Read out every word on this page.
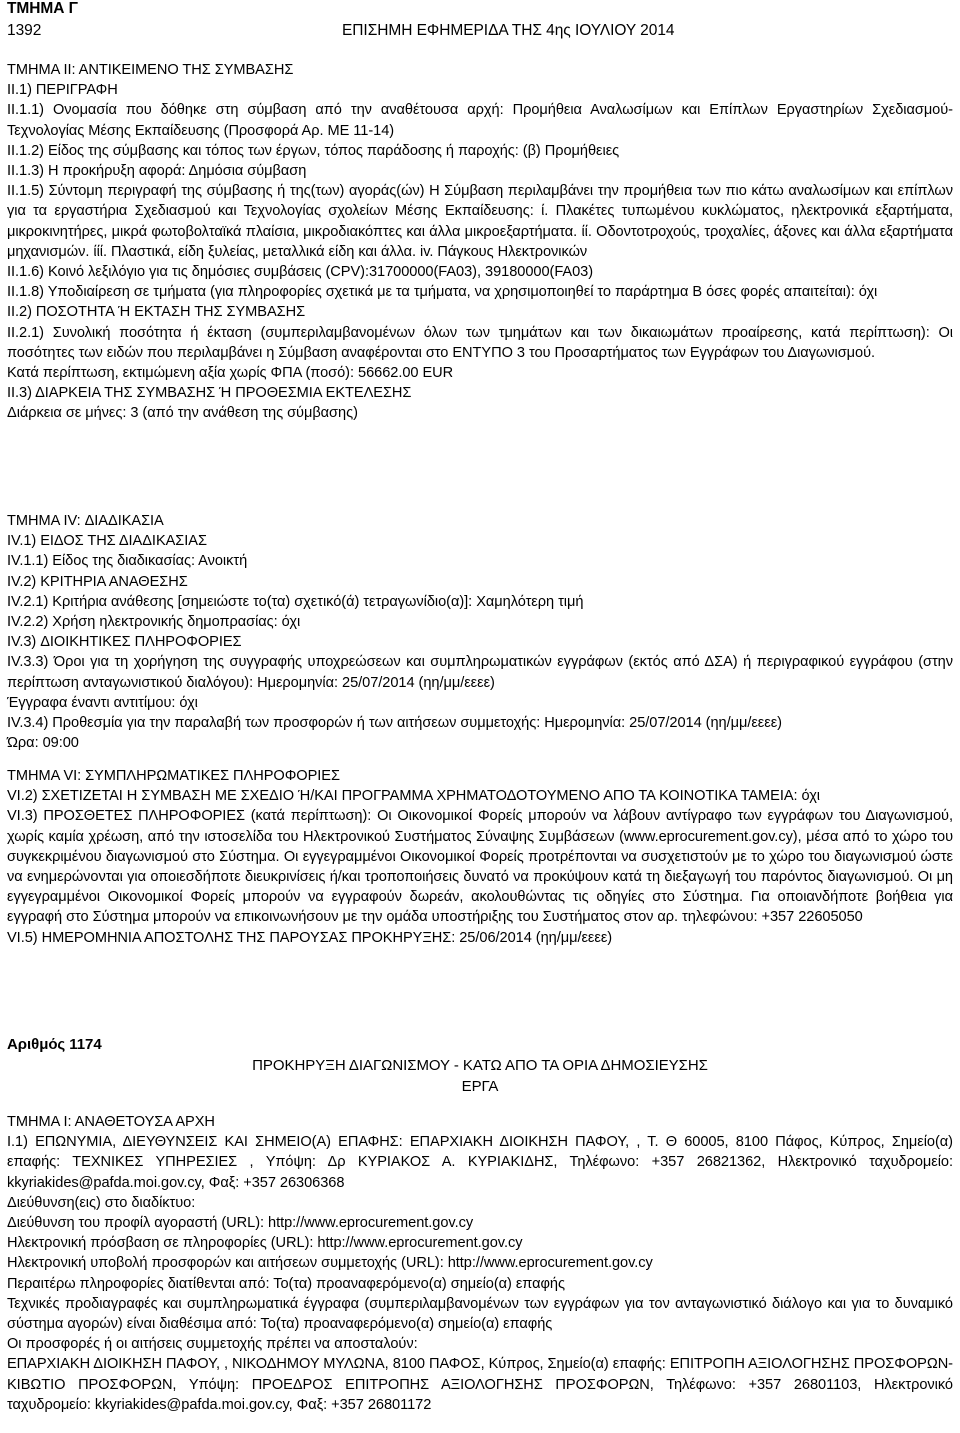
ΤΜΗΜΑ Γ
1392	ΕΠΙΣΗΜΗ ΕΦΗΜΕΡΙΔΑ ΤΗΣ 4ης ΙΟΥΛΙΟΥ 2014

ΤΜΗΜΑ ΙΙ: ΑΝΤΙΚΕΙΜΕΝΟ ΤΗΣ ΣΥΜΒΑΣΗΣ

ΙΙ.1) ΠΕΡΙΓΡΑΦΗ

ΙΙ.1.1) Ονομασία που δόθηκε στη σύμβαση από την αναθέτουσα αρχή: Προμήθεια Αναλωσίμων και Επίπλων Εργαστηρίων Σχεδιασμού-Τεχνολογίας Μέσης Εκπαίδευσης (Προσφορά Αρ. ΜΕ 11-14)

ΙΙ.1.2) Είδος της σύμβασης και τόπος των έργων, τόπος παράδοσης ή παροχής: (β) Προμήθειες

ΙΙ.1.3) Η προκήρυξη αφορά: Δημόσια σύμβαση

ΙΙ.1.5) Σύντομη περιγραφή της σύμβασης ή της(των) αγοράς(ών) Η Σύμβαση περιλαμβάνει την προμήθεια των πιο κάτω αναλωσίμων και επίπλων για τα εργαστήρια Σχεδιασμού και Τεχνολογίας σχολείων Μέσης Εκπαίδευσης: ί. Πλακέτες τυπωμένου κυκλώματος, ηλεκτρονικά εξαρτήματα, μικροκινητήρες, μικρά φωτοβολταϊκά πλαίσια, μικροδιακόπτες και άλλα μικροεξαρτήματα. ίί. Οδοντοτροχούς, τροχαλίες, άξονες και άλλα εξαρτήματα μηχανισμών. ίίί. Πλαστικά, είδη ξυλείας, μεταλλικά είδη και άλλα. iv. Πάγκους Ηλεκτρονικών

ΙΙ.1.6) Κοινό λεξιλόγιο για τις δημόσιες συμβάσεις (CPV):31700000(FA03), 39180000(FA03)

ΙΙ.1.8) Υποδιαίρεση σε τμήματα (για πληροφορίες σχετικά με τα τμήματα, να χρησιμοποιηθεί το παράρτημα Β όσες φορές απαιτείται): όχι

ΙΙ.2) ΠΟΣΟΤΗΤΑ Ή ΕΚΤΑΣΗ ΤΗΣ ΣΥΜΒΑΣΗΣ

ΙΙ.2.1) Συνολική ποσότητα ή έκταση (συμπεριλαμβανομένων όλων των τμημάτων και των δικαιωμάτων προαίρεσης, κατά περίπτωση): Οι ποσότητες των ειδών που περιλαμβάνει η Σύμβαση αναφέρονται στο ΕΝΤΥΠΟ 3 του Προσαρτήματος των Εγγράφων του Διαγωνισμού.

Κατά περίπτωση, εκτιμώμενη αξία χωρίς ΦΠΑ (ποσό): 56662.00 EUR

ΙΙ.3) ΔΙΑΡΚΕΙΑ ΤΗΣ ΣΥΜΒΑΣΗΣ Ή ΠΡΟΘΕΣΜΙΑ ΕΚΤΕΛΕΣΗΣ

Διάρκεια σε μήνες: 3 (από την ανάθεση της σύμβασης)

ΤΜΗΜΑ IV: ΔΙΑΔΙΚΑΣΙΑ

IV.1) ΕΙΔΟΣ ΤΗΣ ΔΙΑΔΙΚΑΣΙΑΣ

IV.1.1) Είδος της διαδικασίας: Ανοικτή

IV.2) ΚΡΙΤΗΡΙΑ ΑΝΑΘΕΣΗΣ

IV.2.1) Κριτήρια ανάθεσης [σημειώστε το(τα) σχετικό(ά) τετραγωνίδιο(α)]: Χαμηλότερη τιμή

IV.2.2) Χρήση ηλεκτρονικής δημοπρασίας: όχι

IV.3) ΔΙΟΙΚΗΤΙΚΕΣ ΠΛΗΡΟΦΟΡΙΕΣ

IV.3.3) Όροι για τη χορήγηση της συγγραφής υποχρεώσεων και συμπληρωματικών εγγράφων (εκτός από ΔΣΑ) ή περιγραφικού εγγράφου (στην περίπτωση ανταγωνιστικού διαλόγου): Ημερομηνία: 25/07/2014 (ηη/μμ/εεεε)

Έγγραφα έναντι αντιτίμου: όχι

IV.3.4) Προθεσμία για την παραλαβή των προσφορών ή των αιτήσεων συμμετοχής: Ημερομηνία: 25/07/2014 (ηη/μμ/εεεε)

Ώρα: 09:00

ΤΜΗΜΑ VI: ΣΥΜΠΛΗΡΩΜΑΤΙΚΕΣ ΠΛΗΡΟΦΟΡΙΕΣ

VI.2) ΣΧΕΤΙΖΕΤΑΙ Η ΣΥΜΒΑΣΗ ΜΕ ΣΧΕΔΙΟ Ή/ΚΑΙ ΠΡΟΓΡΑΜΜΑ ΧΡΗΜΑΤΟΔΟΤΟΥΜΕΝΟ ΑΠΟ ΤΑ ΚΟΙΝΟΤΙΚΑ ΤΑΜΕΙΑ: όχι

VI.3) ΠΡΟΣΘΕΤΕΣ ΠΛΗΡΟΦΟΡΙΕΣ (κατά περίπτωση): Οι Οικονομικοί Φορείς μπορούν να λάβουν αντίγραφο των εγγράφων του Διαγωνισμού, χωρίς καμία χρέωση, από την ιστοσελίδα του Ηλεκτρονικού Συστήματος Σύναψης Συμβάσεων (www.eprocurement.gov.cy), μέσα από το χώρο του συγκεκριμένου διαγωνισμού στο Σύστημα. Οι εγγεγραμμένοι Οικονομικοί Φορείς προτρέπονται να συσχετιστούν με το χώρο του διαγωνισμού ώστε να ενημερώνονται για οποιεσδήποτε διευκρινίσεις ή/και τροποποιήσεις δυνατό να προκύψουν κατά τη διεξαγωγή του παρόντος διαγωνισμού. Οι μη εγγεγραμμένοι Οικονομικοί Φορείς μπορούν να εγγραφούν δωρεάν, ακολουθώντας τις οδηγίες στο Σύστημα. Για οποιανδήποτε βοήθεια για εγγραφή στο Σύστημα μπορούν να επικοινωνήσουν με την ομάδα υποστήριξης του Συστήματος στον αρ. τηλεφώνου: +357 22605050

VI.5) ΗΜΕΡΟΜΗΝΙΑ ΑΠΟΣΤΟΛΗΣ ΤΗΣ ΠΑΡΟΥΣΑΣ ΠΡΟΚΗΡΥΞΗΣ: 25/06/2014 (ηη/μμ/εεεε)

Αριθμός 1174
ΠΡΟΚΗΡΥΞΗ ΔΙΑΓΩΝΙΣΜΟΥ - ΚΑΤΩ ΑΠΟ ΤΑ ΟΡΙΑ ΔΗΜΟΣΙΕΥΣΗΣ
ΕΡΓΑ

ΤΜΗΜΑ Ι: ΑΝΑΘΕΤΟΥΣΑ ΑΡΧΗ

Ι.1) ΕΠΩΝΥΜΙΑ, ΔΙΕΥΘΥΝΣΕΙΣ ΚΑΙ ΣΗΜΕΙΟ(Α) ΕΠΑΦΗΣ: ΕΠΑΡΧΙΑΚΗ ΔΙΟΙΚΗΣΗ ΠΑΦΟΥ, , Τ. Θ 60005, 8100 Πάφος, Κύπρος, Σημείο(α) επαφής: ΤΕΧΝΙΚΕΣ ΥΠΗΡΕΣΙΕΣ , Υπόψη: Δρ ΚΥΡΙΑΚΟΣ Α. ΚΥΡΙΑΚΙΔΗΣ, Τηλέφωνο: +357 26821362, Ηλεκτρονικό ταχυδρομείο: kkyriakides@pafda.moi.gov.cy, Φαξ: +357 26306368

Διεύθυνση(εις) στο διαδίκτυο:

Διεύθυνση του προφίλ αγοραστή (URL): http://www.eprocurement.gov.cy

Ηλεκτρονική πρόσβαση σε πληροφορίες (URL): http://www.eprocurement.gov.cy

Ηλεκτρονική υποβολή προσφορών και αιτήσεων συμμετοχής (URL): http://www.eprocurement.gov.cy

Περαιτέρω πληροφορίες διατίθενται από: Το(τα) προαναφερόμενο(α) σημείο(α) επαφής

Τεχνικές προδιαγραφές και συμπληρωματικά έγγραφα (συμπεριλαμβανομένων των εγγράφων για τον ανταγωνιστικό διάλογο και για το δυναμικό σύστημα αγορών) είναι διαθέσιμα από: Το(τα) προαναφερόμενο(α) σημείο(α) επαφής

Οι προσφορές ή οι αιτήσεις συμμετοχής πρέπει να αποσταλούν:

ΕΠΑΡΧΙΑΚΗ ΔΙΟΙΚΗΣΗ ΠΑΦΟΥ, , ΝΙΚΟΔΗΜΟΥ ΜΥΛΩΝΑ, 8100 ΠΑΦΟΣ, Κύπρος, Σημείο(α) επαφής: ΕΠΙΤΡΟΠΗ ΑΞΙΟΛΟΓΗΣΗΣ ΠΡΟΣΦΟΡΩΝ-ΚΙΒΩΤΙΟ ΠΡΟΣΦΟΡΩΝ, Υπόψη: ΠΡΟΕΔΡΟΣ ΕΠΙΤΡΟΠΗΣ ΑΞΙΟΛΟΓΗΣΗΣ ΠΡΟΣΦΟΡΩΝ, Τηλέφωνο: +357 26801103, Ηλεκτρονικό ταχυδρομείο: kkyriakides@pafda.moi.gov.cy, Φαξ: +357 26801172
